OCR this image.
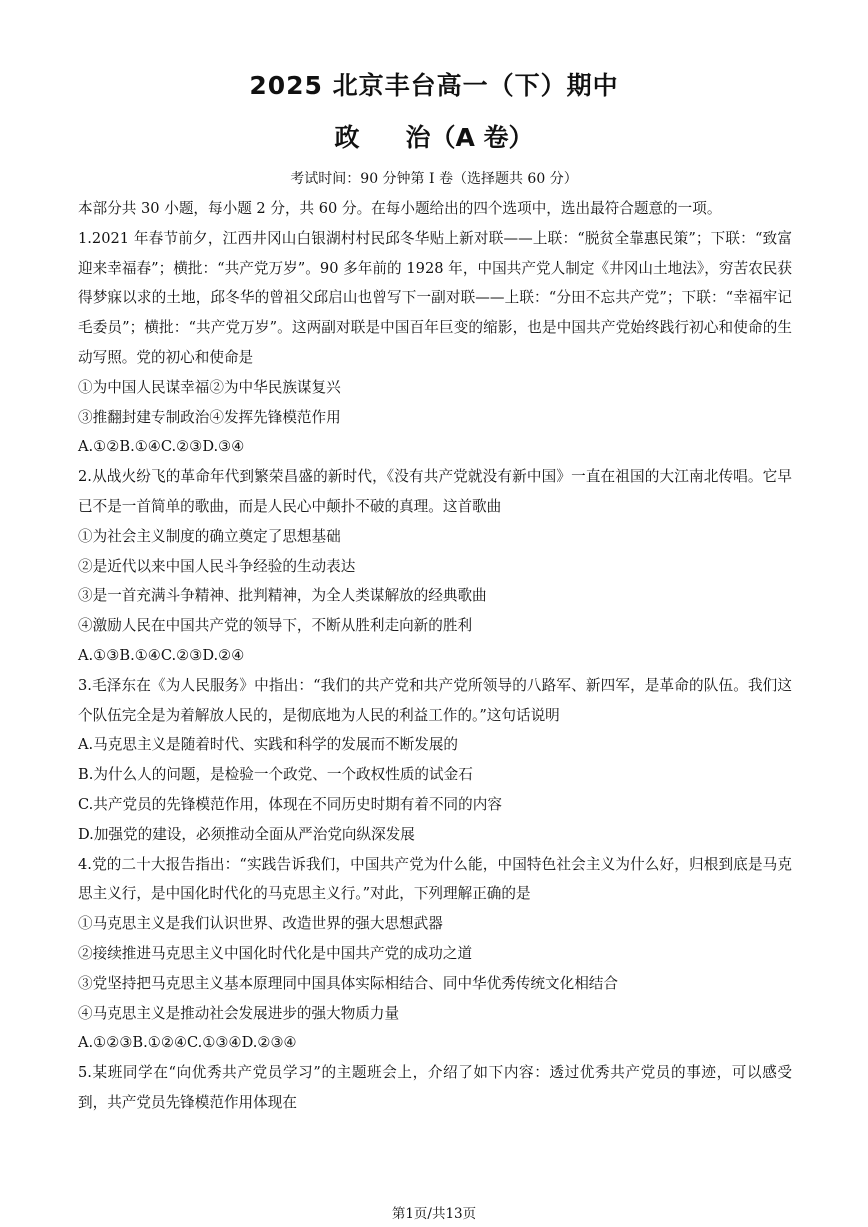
2025 北京丰台高一（下）期中
政 治（A 卷）
考试时间：90 分钟第 I 卷（选择题共 60 分）

本部分共 30 小题，每小题 2 分，共 60 分。在每小题给出的四个选项中，选出最符合题意的一项。

1.2021 年春节前夕，江西井冈山白银湖村村民邱冬华贴上新对联——上联：“脱贫全靠惠民策”；下联：“致富迎来幸福春”；横批：“共产党万岁”。90 多年前的 1928 年，中国共产党人制定《井冈山土地法》，穷苦农民获得梦寐以求的土地，邱冬华的曾祖父邱启山也曾写下一副对联——上联：“分田不忘共产党”；下联：“幸福牢记毛委员”；横批：“共产党万岁”。这两副对联是中国百年巨变的缩影，也是中国共产党始终践行初心和使命的生动写照。党的初心和使命是

①为中国人民谋幸福②为中华民族谋复兴

③推翻封建专制政治④发挥先锋模范作用

A.①②B.①④C.②③D.③④

2.从战火纷飞的革命年代到繁荣昌盛的新时代，《没有共产党就没有新中国》一直在祖国的大江南北传唱。它早已不是一首简单的歌曲，而是人民心中颠扑不破的真理。这首歌曲

①为社会主义制度的确立奠定了思想基础

②是近代以来中国人民斗争经验的生动表达

③是一首充满斗争精神、批判精神，为全人类谋解放的经典歌曲

④激励人民在中国共产党的领导下，不断从胜利走向新的胜利

A.①③B.①④C.②③D.②④

3.毛泽东在《为人民服务》中指出：“我们的共产党和共产党所领导的八路军、新四军，是革命的队伍。我们这个队伍完全是为着解放人民的，是彻底地为人民的利益工作的。”这句话说明

A.马克思主义是随着时代、实践和科学的发展而不断发展的

B.为什么人的问题，是检验一个政党、一个政权性质的试金石

C.共产党员的先锋模范作用，体现在不同历史时期有着不同的内容

D.加强党的建设，必须推动全面从严治党向纵深发展

4.党的二十大报告指出：“实践告诉我们，中国共产党为什么能，中国特色社会主义为什么好，归根到底是马克思主义行，是中国化时代化的马克思主义行。”对此，下列理解正确的是

①马克思主义是我们认识世界、改造世界的强大思想武器

②接续推进马克思主义中国化时代化是中国共产党的成功之道

③党坚持把马克思主义基本原理同中国具体实际相结合、同中华优秀传统文化相结合

④马克思主义是推动社会发展进步的强大物质力量

A.①②③B.①②④C.①③④D.②③④

5.某班同学在“向优秀共产党员学习”的主题班会上，介绍了如下内容：透过优秀共产党员的事迹，可以感受到，共产党员先锋模范作用体现在

第1页/共13页
